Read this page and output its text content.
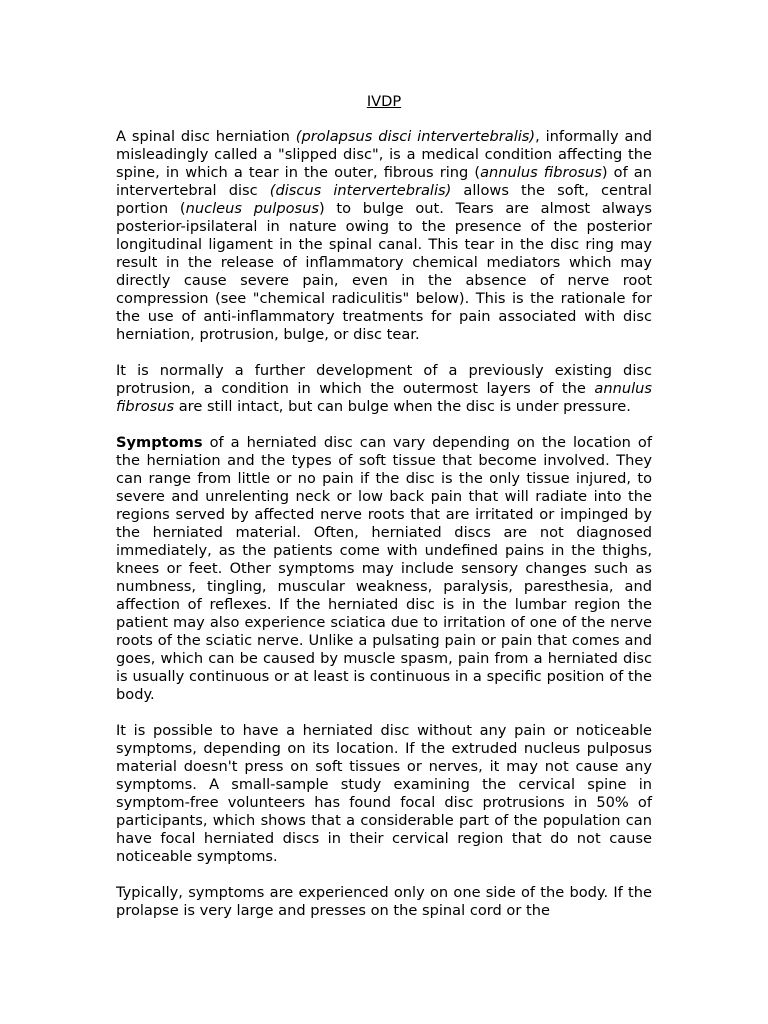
IVDP

A spinal disc herniation (prolapsus disci intervertebralis), informally and misleadingly called a "slipped disc", is a medical condition affecting the spine, in which a tear in the outer, fibrous ring (annulus fibrosus) of an intervertebral disc (discus intervertebralis) allows the soft, central portion (nucleus pulposus) to bulge out. Tears are almost always posterior-ipsilateral in nature owing to the presence of the posterior longitudinal ligament in the spinal canal. This tear in the disc ring may result in the release of inflammatory chemical mediators which may directly cause severe pain, even in the absence of nerve root compression (see "chemical radiculitis" below). This is the rationale for the use of anti-inflammatory treatments for pain associated with disc herniation, protrusion, bulge, or disc tear.

It is normally a further development of a previously existing disc protrusion, a condition in which the outermost layers of the annulus fibrosus are still intact, but can bulge when the disc is under pressure.

Symptoms of a herniated disc can vary depending on the location of the herniation and the types of soft tissue that become involved. They can range from little or no pain if the disc is the only tissue injured, to severe and unrelenting neck or low back pain that will radiate into the regions served by affected nerve roots that are irritated or impinged by the herniated material. Often, herniated discs are not diagnosed immediately, as the patients come with undefined pains in the thighs, knees or feet. Other symptoms may include sensory changes such as numbness, tingling, muscular weakness, paralysis, paresthesia, and affection of reflexes. If the herniated disc is in the lumbar region the patient may also experience sciatica due to irritation of one of the nerve roots of the sciatic nerve. Unlike a pulsating pain or pain that comes and goes, which can be caused by muscle spasm, pain from a herniated disc is usually continuous or at least is continuous in a specific position of the body.

It is possible to have a herniated disc without any pain or noticeable symptoms, depending on its location. If the extruded nucleus pulposus material doesn't press on soft tissues or nerves, it may not cause any symptoms. A small-sample study examining the cervical spine in symptom-free volunteers has found focal disc protrusions in 50% of participants, which shows that a considerable part of the population can have focal herniated discs in their cervical region that do not cause noticeable symptoms.

Typically, symptoms are experienced only on one side of the body. If the prolapse is very large and presses on the spinal cord or the
